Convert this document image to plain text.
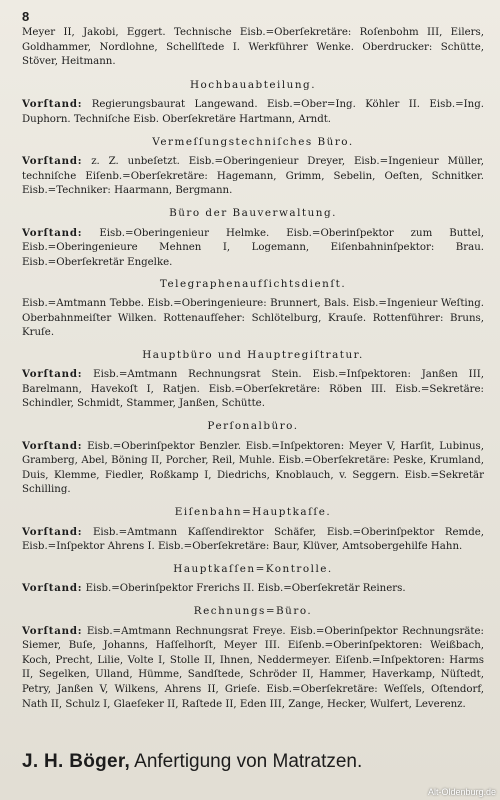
8

Meyer II, Jakobi, Eggert. Technische Eisb.=Oberſekretäre: Roſenbohm III, Eilers, Goldhammer, Nordlohne, Schellſtede I. Werkführer Wenke. Oberdrucker: Schütte, Stöver, Heitmann.

Hochbauabteilung.

Vorſtand: Regierungsbaurat Langewand. Eisb.=Ober=Ing. Köhler II. Eisb.=Ing. Duphorn. Techniſche Eisb. Oberſekretäre Hartmann, Arndt.

Vermeſſungstechniſches Büro.

Vorſtand: z. Z. unbeſetzt. Eisb.=Oberingenieur Dreyer, Eisb.=Ingenieur Müller, techniſche Eiſenb.=Oberſekretäre: Hagemann, Grimm, Sebelin, Oeſten, Schnitker. Eisb.=Techniker: Haarmann, Bergmann.

Büro der Bauverwaltung.

Vorſtand: Eisb.=Oberingenieur Helmke. Eisb.=Oberinſpektor zum Buttel, Eisb.=Oberingenieure Mehnen I, Logemann, Eiſenbahninſpektor: Brau. Eisb.=Oberſekretär Engelke.

Telegraphenaufſichtsdienſt.

Eisb.=Amtmann Tebbe. Eisb.=Oberingenieure: Brunnert, Bals. Eisb.=Ingenieur Weſting. Oberbahnmeiſter Wilken. Rottenaufſeher: Schlötelburg, Krauſe. Rottenführer: Bruns, Kruſe.

Hauptbüro und Hauptregiſtratur.

Vorſtand: Eisb.=Amtmann Rechnungsrat Stein. Eisb.=Inſpektoren: Janßen III, Barelmann, Havekoſt I, Ratjen. Eisb.=Oberſekretäre: Röben III. Eisb.=Sekretäre: Schindler, Schmidt, Stammer, Janßen, Schütte.

Perſonalbüro.

Vorſtand: Eisb.=Oberinſpektor Benzler. Eisb.=Inſpektoren: Meyer V, Harſit, Lubinus, Gramberg, Abel, Böning II, Porcher, Reil, Muhle. Eisb.=Oberſekretäre: Peske, Krumland, Duis, Klemme, Fiedler, Roßkamp I, Diedrichs, Knoblauch, v. Seggern. Eisb.=Sekretär Schilling.

Eiſenbahn=Hauptkaſſe.

Vorſtand: Eisb.=Amtmann Kaſſendirektor Schäfer, Eisb.=Oberinſpektor Remde, Eisb.=Inſpektor Ahrens I. Eisb.=Oberſekretäre: Baur, Klüver, Amtsobergehilfe Hahn.

Hauptkaſſen=Kontrolle.

Vorſtand: Eisb.=Oberinſpektor Frerichs II. Eisb.=Oberſekretär Reiners.

Rechnungs=Büro.

Vorſtand: Eisb.=Amtmann Rechnungsrat Freye. Eisb.=Oberinſpektor Rechnungsräte: Siemer, Buſe, Johanns, Haſſelhorſt, Meyer III. Eiſenb.=Oberinſpektoren: Weißbach, Koch, Precht, Lilie, Volte I, Stolle II, Ihnen, Neddermeyer. Eiſenb.=Inſpektoren: Harms II, Segelken, Ulland, Hümme, Sandſtede, Schröder II, Hammer, Haverkamp, Nüſtedt, Petry, Janßen V, Wilkens, Ahrens II, Grieſe. Eisb.=Oberſekretäre: Weſſels, Oſtendorf, Nath II, Schulz I, Glaeſeker II, Raſtede II, Eden III, Zange, Hecker, Wulfert, Leverenz.

J. H. Böger, Anfertigung von Matratzen.
Alt-Oldenburg.de
